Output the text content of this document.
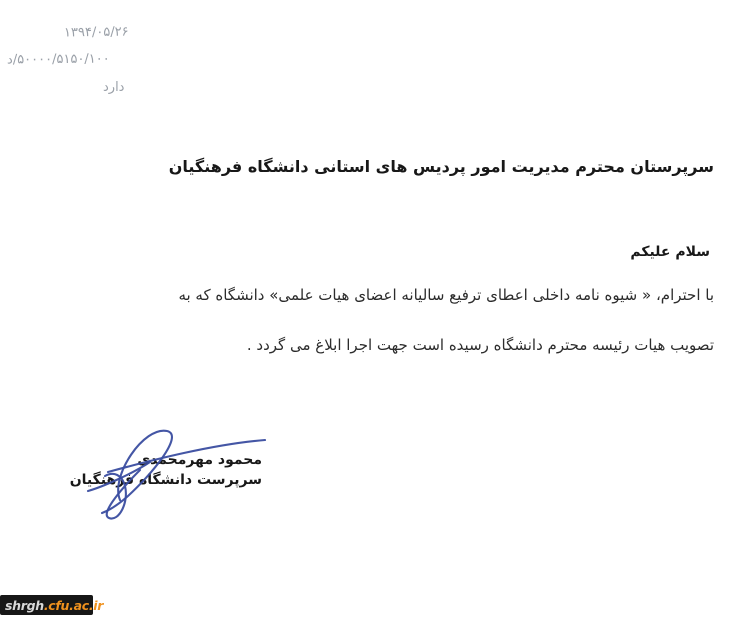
۱۳۹۴/۰۵/۲۶
د/۵۰۰۰۰/۵۱۵۰/۱۰۰
دارد
سرپرستان محترم مدیریت امور پردیس های استانی دانشگاه فرهنگیان
سلام علیکم
با احترام، « شیوه نامه داخلی اعطای ترفیع سالیانه اعضای هیات علمی» دانشگاه که به
تصویب هیات رئیسه محترم دانشگاه رسیده است جهت اجرا ابلاغ می گردد .
محمود مهرمحمدی
سرپرست دانشگاه فرهنگیان
shrgh .cfu.ac.ir
